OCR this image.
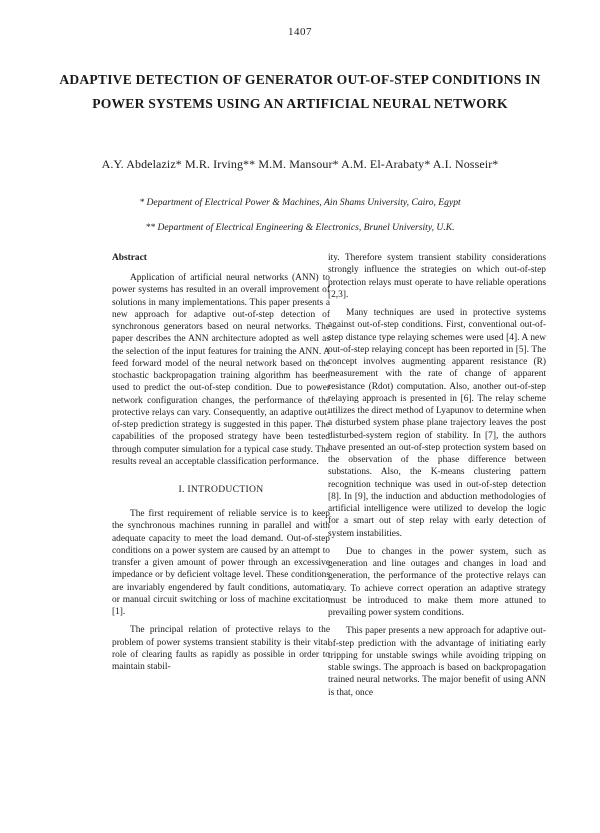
1407
ADAPTIVE DETECTION OF GENERATOR OUT-OF-STEP CONDITIONS IN POWER SYSTEMS USING AN ARTIFICIAL NEURAL NETWORK
A.Y. Abdelaziz* M.R. Irving** M.M. Mansour* A.M. El-Arabaty* A.I. Nosseir*
* Department of Electrical Power & Machines, Ain Shams University, Cairo, Egypt
** Department of Electrical Engineering & Electronics, Brunel University, U.K.
Abstract

Application of artificial neural networks (ANN) to power systems has resulted in an overall improvement of solutions in many implementations. This paper presents a new approach for adaptive out-of-step detection of synchronous generators based on neural networks. The paper describes the ANN architecture adopted as well as the selection of the input features for training the ANN. A feed forward model of the neural network based on the stochastic backpropagation training algorithm has been used to predict the out-of-step condition. Due to power network configuration changes, the performance of the protective relays can vary. Consequently, an adaptive out-of-step prediction strategy is suggested in this paper. The capabilities of the proposed strategy have been tested through computer simulation for a typical case study. The results reveal an acceptable classification performance.

I. INTRODUCTION

The first requirement of reliable service is to keep the synchronous machines running in parallel and with adequate capacity to meet the load demand. Out-of-step conditions on a power system are caused by an attempt to transfer a given amount of power through an excessive impedance or by deficient voltage level. These conditions are invariably engendered by fault conditions, automatic or manual circuit switching or loss of machine excitation [1].

The principal relation of protective relays to the problem of power systems transient stability is their vital role of clearing faults as rapidly as possible in order to maintain stabil-

ity. Therefore system transient stability considerations strongly influence the strategies on which out-of-step protection relays must operate to have reliable operations [2,3].

Many techniques are used in protective systems against out-of-step conditions. First, conventional out-of-step distance type relaying schemes were used [4]. A new out-of-step relaying concept has been reported in [5]. The concept involves augmenting apparent resistance (R) measurement with the rate of change of apparent resistance (Rdot) computation. Also, another out-of-step relaying approach is presented in [6]. The relay scheme utilizes the direct method of Lyapunov to determine when a disturbed system phase plane trajectory leaves the post disturbed-system region of stability. In [7], the authors have presented an out-of-step protection system based on the observation of the phase difference between substations. Also, the K-means clustering pattern recognition technique was used in out-of-step detection [8]. In [9], the induction and abduction methodologies of artificial intelligence were utilized to develop the logic for a smart out of step relay with early detection of system instabilities.

Due to changes in the power system, such as generation and line outages and changes in load and generation, the performance of the protective relays can vary. To achieve correct operation an adaptive strategy must be introduced to make them more attuned to prevailing power system conditions.

This paper presents a new approach for adaptive out-of-step prediction with the advantage of initiating early tripping for unstable swings while avoiding tripping on stable swings. The approach is based on backpropagation trained neural networks. The major benefit of using ANN is that, once
